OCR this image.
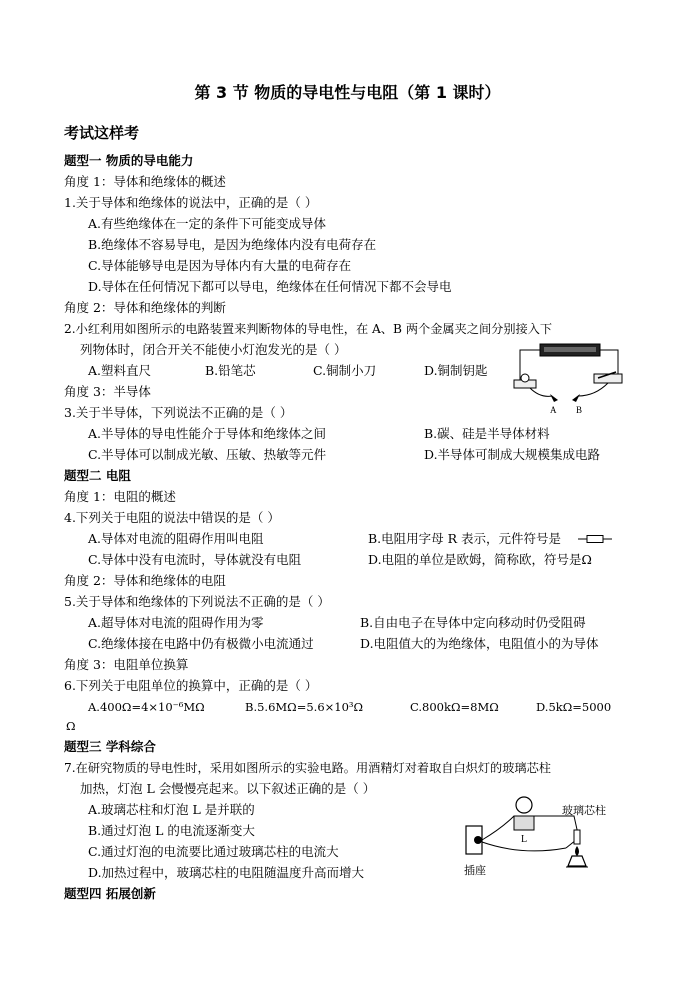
第 3 节 物质的导电性与电阻（第 1 课时）
考试这样考
题型一 物质的导电能力
角度 1：导体和绝缘体的概述
1.关于导体和绝缘体的说法中，正确的是（ ）
A.有些绝缘体在一定的条件下可能变成导体
B.绝缘体不容易导电，是因为绝缘体内没有电荷存在
C.导体能够导电是因为导体内有大量的电荷存在
D.导体在任何情况下都可以导电，绝缘体在任何情况下都不会导电
角度 2：导体和绝缘体的判断
2.小红利用如图所示的电路装置来判断物体的导电性，在 A、B 两个金属夹之间分别接入下
列物体时，闭合开关不能使小灯泡发光的是（ ）
A.塑料直尺	B.铅笔芯	C.铜制小刀	D.铜制钥匙
A B
角度 3：半导体
3.关于半导体，下列说法不正确的是（ ）
A.半导体的导电性能介于导体和绝缘体之间	B.碳、硅是半导体材料
C.半导体可以制成光敏、压敏、热敏等元件	D.半导体可制成大规模集成电路
题型二 电阻
角度 1：电阻的概述
4.下列关于电阻的说法中错误的是（ ）
A.导体对电流的阻碍作用叫电阻	B.电阻用字母 R 表示，元件符号是
C.导体中没有电流时，导体就没有电阻	D.电阻的单位是欧姆，简称欧，符号是Ω
角度 2：导体和绝缘体的电阻
5.关于导体和绝缘体的下列说法不正确的是（ ）
A.超导体对电流的阻碍作用为零	B.自由电子在导体中定向移动时仍受阻碍
C.绝缘体接在电路中仍有极微小电流通过	D.电阻值大的为绝缘体，电阻值小的为导体
角度 3：电阻单位换算
6.下列关于电阻单位的换算中，正确的是（ ）
A.400Ω=4×10⁻⁶MΩ	B.5.6MΩ=5.6×10³Ω	C.800kΩ=8MΩ	D.5kΩ=5000
Ω
题型三 学科综合
7.在研究物质的导电性时，采用如图所示的实验电路。用酒精灯对着取自白炽灯的玻璃芯柱
加热，灯泡 L 会慢慢亮起来。以下叙述正确的是（ ）
A.玻璃芯柱和灯泡 L 是并联的
B.通过灯泡 L 的电流逐渐变大
C.通过灯泡的电流要比通过玻璃芯柱的电流大
D.加热过程中，玻璃芯柱的电阻随温度升高而增大
题型四 拓展创新
L
玻璃芯柱
插座
